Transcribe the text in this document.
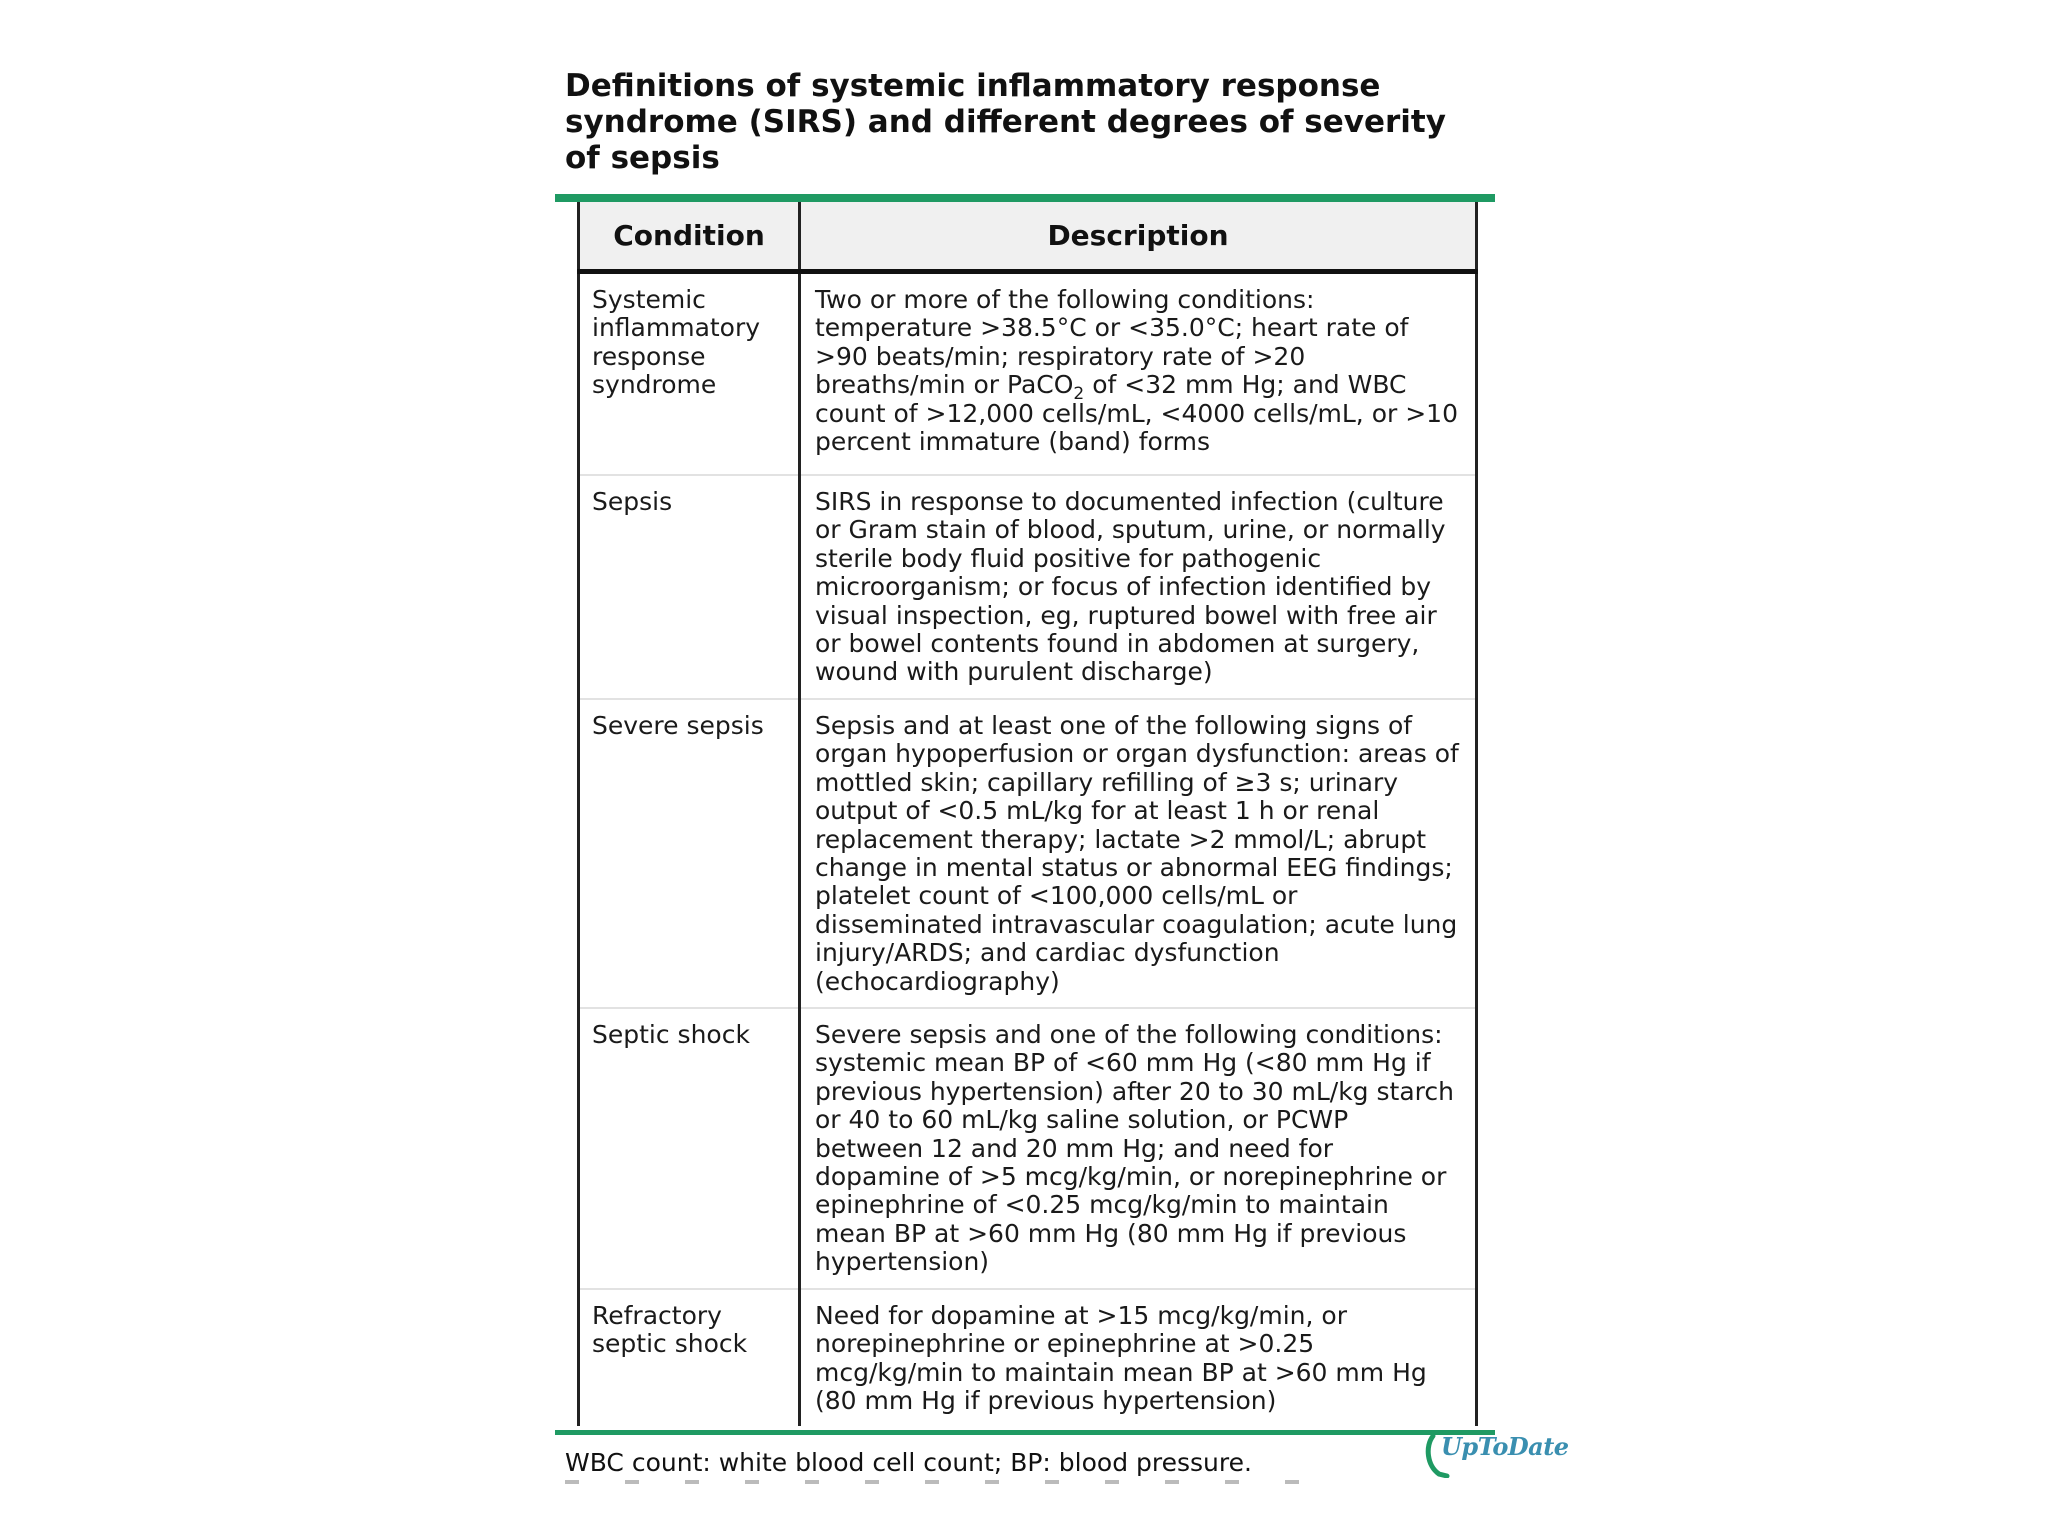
Definitions of systemic inflammatory response syndrome (SIRS) and different degrees of severity of sepsis
Condition	Description
Systemic inflammatory response syndrome	Two or more of the following conditions: temperature >38.5°C or <35.0°C; heart rate of >90 beats/min; respiratory rate of >20 breaths/min or PaCO$_2$ of <32 mm Hg; and WBC count of >12,000 cells/mL, <4000 cells/mL, or >10 percent immature (band) forms
Sepsis	SIRS in response to documented infection (culture or Gram stain of blood, sputum, urine, or normally sterile body fluid positive for pathogenic microorganism; or focus of infection identified by visual inspection, eg, ruptured bowel with free air or bowel contents found in abdomen at surgery, wound with purulent discharge)
Severe sepsis	Sepsis and at least one of the following signs of organ hypoperfusion or organ dysfunction: areas of mottled skin; capillary refilling of ≥3 s; urinary output of <0.5 mL/kg for at least 1 h or renal replacement therapy; lactate >2 mmol/L; abrupt change in mental status or abnormal EEG findings; platelet count of <100,000 cells/mL or disseminated intravascular coagulation; acute lung injury/ARDS; and cardiac dysfunction (echocardiography)
Septic shock	Severe sepsis and one of the following conditions: systemic mean BP of <60 mm Hg (<80 mm Hg if previous hypertension) after 20 to 30 mL/kg starch or 40 to 60 mL/kg saline solution, or PCWP between 12 and 20 mm Hg; and need for dopamine of >5 mcg/kg/min, or norepinephrine or epinephrine of <0.25 mcg/kg/min to maintain mean BP at >60 mm Hg (80 mm Hg if previous hypertension)
Refractory septic shock	Need for dopamine at >15 mcg/kg/min, or norepinephrine or epinephrine at >0.25 mcg/kg/min to maintain mean BP at >60 mm Hg (80 mm Hg if previous hypertension)
WBC count: white blood cell count; BP: blood pressure.
UpToDate
